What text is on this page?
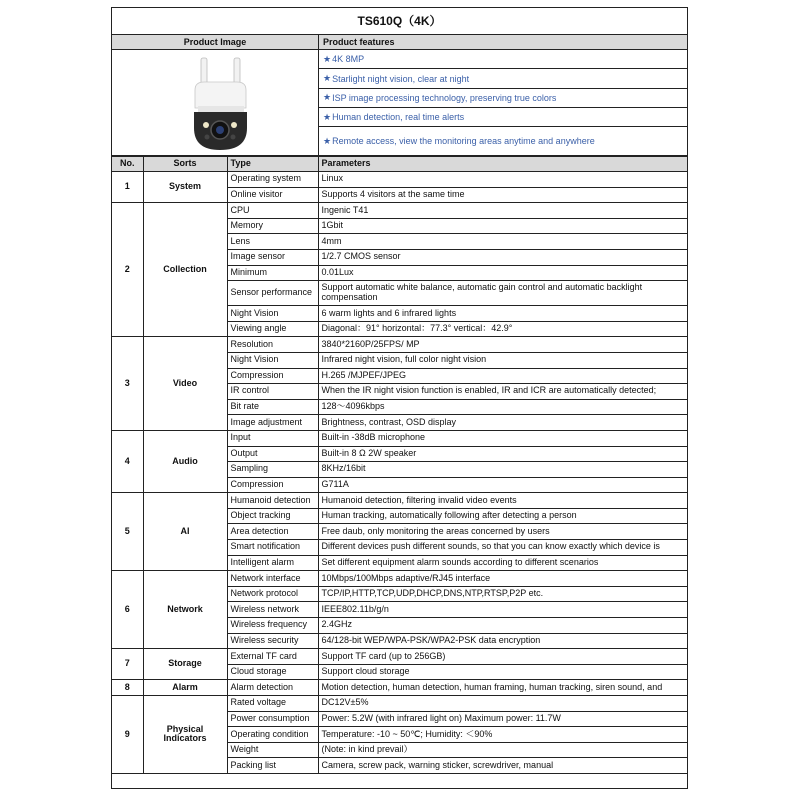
TS610Q（4K）
Product Image	Product features
★ 4K 8MP
★ Starlight night vision, clear at night
★ ISP image processing technology, preserving true colors
★ Human detection, real time alerts
★ Remote access, view the monitoring areas anytime and anywhere
No.	Sorts	Type	Parameters
1	System	Operating system	Linux
		Online visitor	Supports 4 visitors at the same time
2	Collection	CPU	Ingenic T41
		Memory	1Gbit
		Lens	4mm
		Image sensor	1/2.7 CMOS sensor
		Minimum	0.01Lux
		Sensor performance	Support automatic white balance, automatic gain control and automatic backlight compensation
		Night Vision	6 warm lights and 6 infrared lights
		Viewing angle	Diagonal：91° horizontal：77.3° vertical：42.9°
3	Video	Resolution	3840*2160P/25FPS/ MP
		Night Vision	Infrared night vision, full color night vision
		Compression	H.265 /MJPEF/JPEG
		IR control	When the IR night vision function is enabled, IR and ICR are automatically detected;
		Bit rate	128～4096kbps
		Image adjustment	Brightness, contrast, OSD display
4	Audio	Input	Built-in -38dB microphone
		Output	Built-in 8 Ω 2W speaker
		Sampling	8KHz/16bit
		Compression	G711A
5	AI	Humanoid detection	Humanoid detection, filtering invalid video events
		Object tracking	Human tracking, automatically following after detecting a person
		Area detection	Free daub, only monitoring the areas concerned by users
		Smart notification	Different devices push different sounds, so that you can know exactly which device is
		Intelligent alarm	Set different equipment alarm sounds according to different scenarios
6	Network	Network interface	10Mbps/100Mbps adaptive/RJ45 interface
		Network protocol	TCP/IP,HTTP,TCP,UDP,DHCP,DNS,NTP,RTSP,P2P etc.
		Wireless network	IEEE802.11b/g/n
		Wireless frequency	2.4GHz
		Wireless security	64/128-bit WEP/WPA-PSK/WPA2-PSK data encryption
7	Storage	External TF card	Support TF card (up to 256GB)
		Cloud storage	Support cloud storage
8	Alarm	Alarm detection	Motion detection, human detection, human framing, human tracking, siren sound, and
9	Physical Indicators	Rated voltage	DC12V±5%
		Power consumption	Power: 5.2W (with infrared light on) Maximum power: 11.7W
		Operating condition	Temperature: -10 ~ 50℃; Humidity: ＜90%
		Weight	(Note: in kind prevail）
		Packing list	Camera, screw pack, warning sticker, screwdriver, manual
